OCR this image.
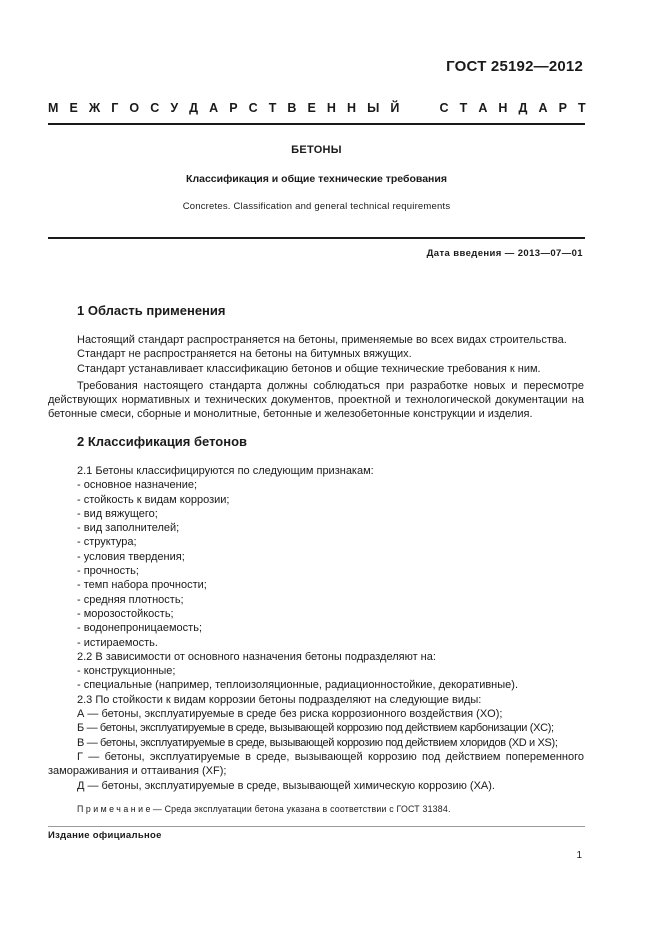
ГОСТ 25192—2012
М Е Ж Г О С У Д А Р С Т В Е Н Н Ы Й	С Т А Н Д А Р Т
БЕТОНЫ
Классификация и общие технические требования
Concretes. Classification and general technical requirements
Дата введения — 2013—07—01
1 Область применения

Настоящий стандарт распространяется на бетоны, применяемые во всех видах строительства.

Стандарт не распространяется на бетоны на битумных вяжущих.

Стандарт устанавливает классификацию бетонов и общие технические требования к ним.

Требования настоящего стандарта должны соблюдаться при разработке новых и пересмотре

действующих нормативных и технических документов, проектной и технологической документации на бетонные смеси, сборные и монолитные, бетонные и железобетонные конструкции и изделия.

2 Классификация бетонов

2.1 Бетоны классифицируются по следующим признакам:

- основное назначение;

- стойкость к видам коррозии;

- вид вяжущего;

- вид заполнителей;

- структура;

- условия твердения;

- прочность;

- темп набора прочности;

- средняя плотность;

- морозостойкость;

- водонепроницаемость;

- истираемость.

2.2 В зависимости от основного назначения бетоны подразделяют на:

- конструкционные;

- специальные (например, теплоизоляционные, радиационностойкие, декоративные).

2.3 По стойкости к видам коррозии бетоны подразделяют на следующие виды:

А — бетоны, эксплуатируемые в среде без риска коррозионного воздействия (XO);

Б — бетоны, эксплуатируемые в среде, вызывающей коррозию под действием карбонизации (XC);

В — бетоны, эксплуатируемые в среде, вызывающей коррозию под действием хлоридов (XD и XS);

Г — бетоны, эксплуатируемые в среде, вызывающей коррозию под действием попеременного

замораживания и оттаивания (XF);

Д — бетоны, эксплуатируемые в среде, вызывающей химическую коррозию (XA).

Примечание— Среда эксплуатации бетона указана в соответствии с ГОСТ 31384.
Издание официальное
1
